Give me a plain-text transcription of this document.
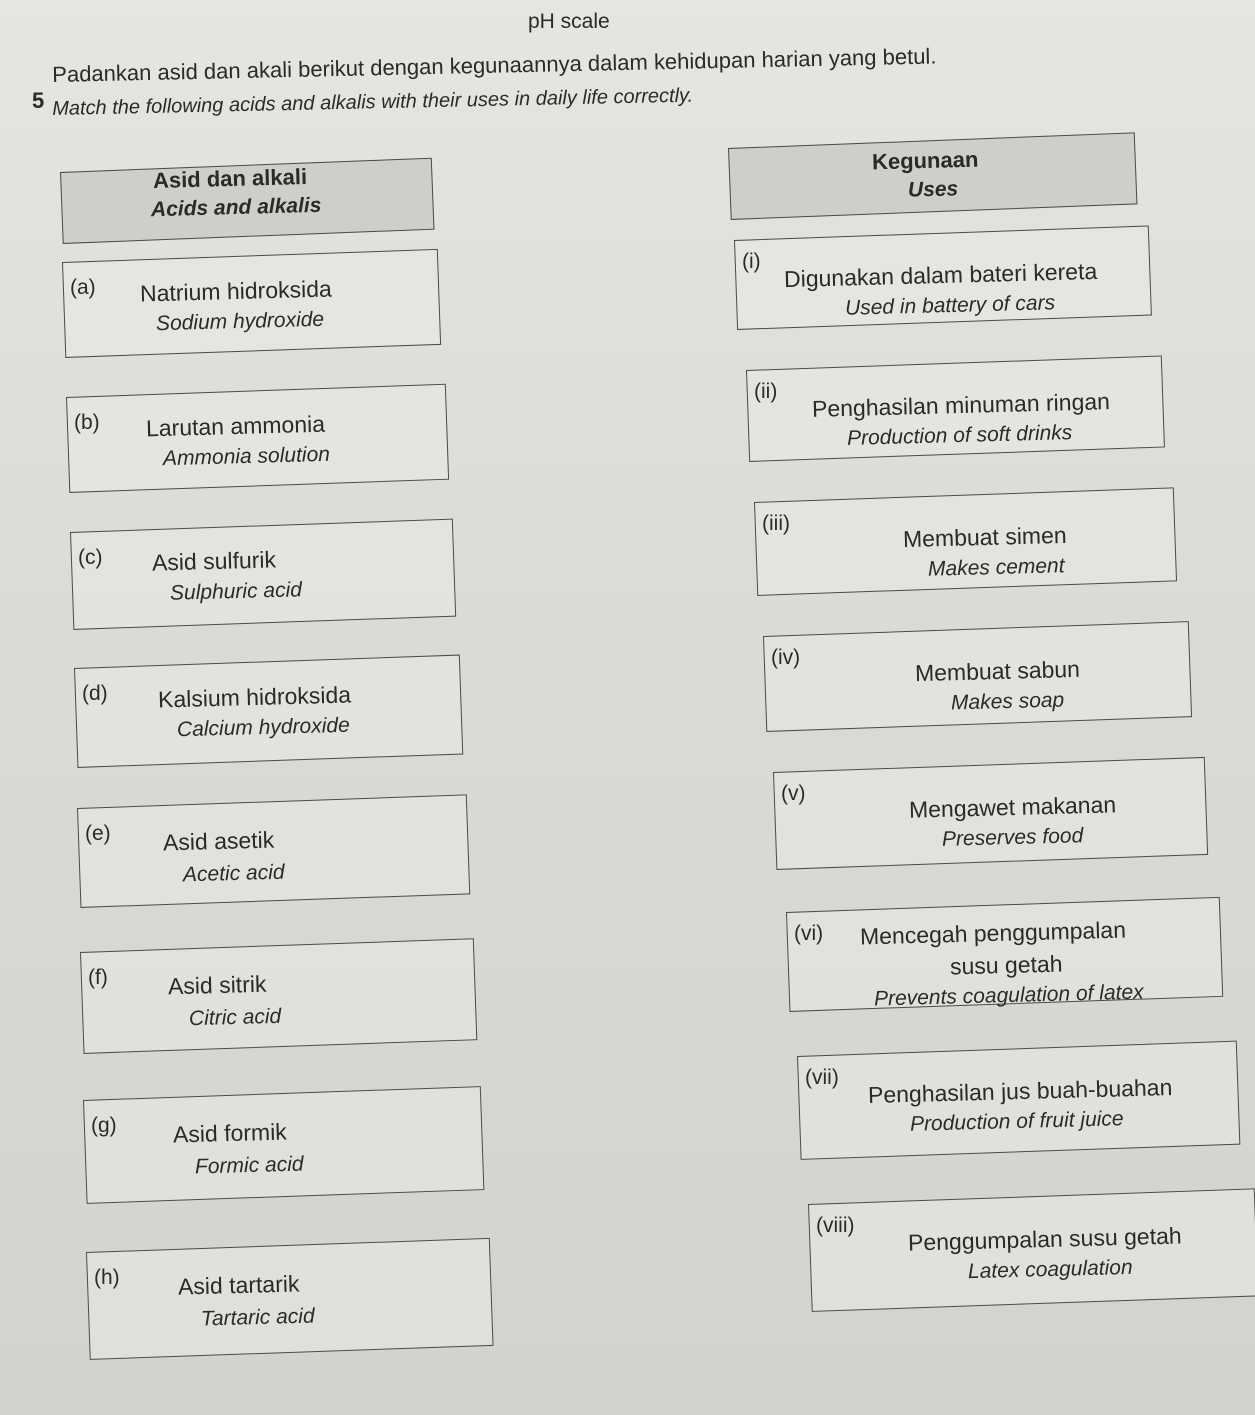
pH scale
5
Padankan asid dan akali berikut dengan kegunaannya dalam kehidupan harian yang betul.
Match the following acids and alkalis with their uses in daily life correctly.
Asid dan alkali
Acids and alkalis
Kegunaan
Uses
(a) Natrium hidroksida
Sodium hydroxide
(b) Larutan ammonia
Ammonia solution
(c) Asid sulfurik
Sulphuric acid
(d) Kalsium hidroksida
Calcium hydroxide
(e) Asid asetik
Acetic acid
(f)	Asid sitrik
Citric acid
(g) Asid formik
Formic acid
(h)	Asid tartarik
Tartaric acid
(i) Digunakan dalam bateri kereta
Used in battery of cars
(ii) Penghasilan minuman ringan
Production of soft drinks
(iii)	Membuat simen
Makes cement
(iv)	Membuat sabun
Makes soap
(v)	Mengawet makanan
Preserves food
(vi) Mencegah penggumpalan
susu getah
Prevents coagulation of latex
(vii) Penghasilan jus buah-buahan
Production of fruit juice
(viii) Penggumpalan susu getah
Latex coagulation
